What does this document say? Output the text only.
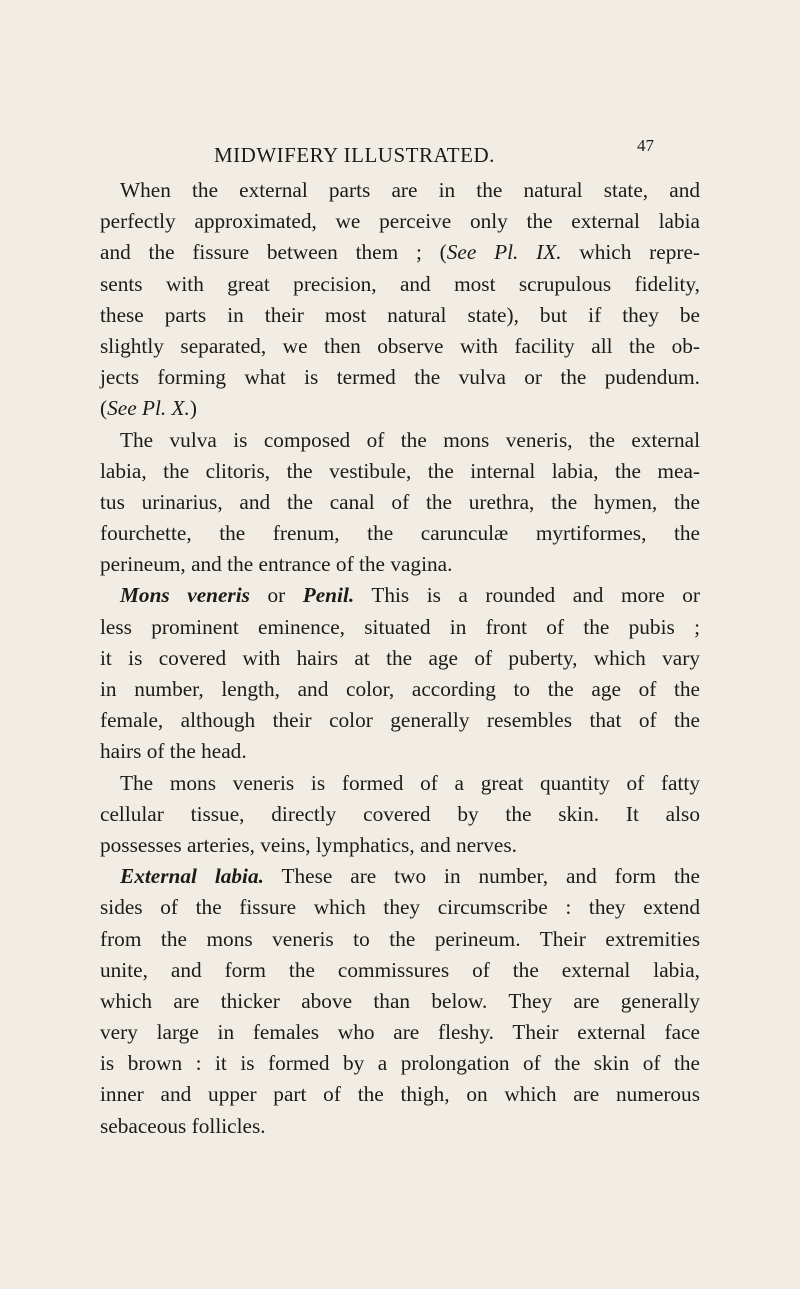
MIDWIFERY ILLUSTRATED.	47
When the external parts are in the natural state, and
perfectly approximated, we perceive only the external labia
and the fissure between them ; (See Pl. IX. which repre-
sents with great precision, and most scrupulous fidelity,
these parts in their most natural state), but if they be
slightly separated, we then observe with facility all the ob-
jects forming what is termed the vulva or the pudendum.
(See Pl. X.)
The vulva is composed of the mons veneris, the external
labia, the clitoris, the vestibule, the internal labia, the mea-
tus urinarius, and the canal of the urethra, the hymen, the
fourchette, the frenum, the carunculæ myrtiformes, the
perineum, and the entrance of the vagina.
Mons veneris or Penil. This is a rounded and more or
less prominent eminence, situated in front of the pubis ;
it is covered with hairs at the age of puberty, which vary
in number, length, and color, according to the age of the
female, although their color generally resembles that of the
hairs of the head.
The mons veneris is formed of a great quantity of fatty
cellular tissue, directly covered by the skin. It also
possesses arteries, veins, lymphatics, and nerves.
External labia. These are two in number, and form the
sides of the fissure which they circumscribe : they extend
from the mons veneris to the perineum. Their extremities
unite, and form the commissures of the external labia,
which are thicker above than below. They are generally
very large in females who are fleshy. Their external face
is brown : it is formed by a prolongation of the skin of the
inner and upper part of the thigh, on which are numerous
sebaceous follicles.
